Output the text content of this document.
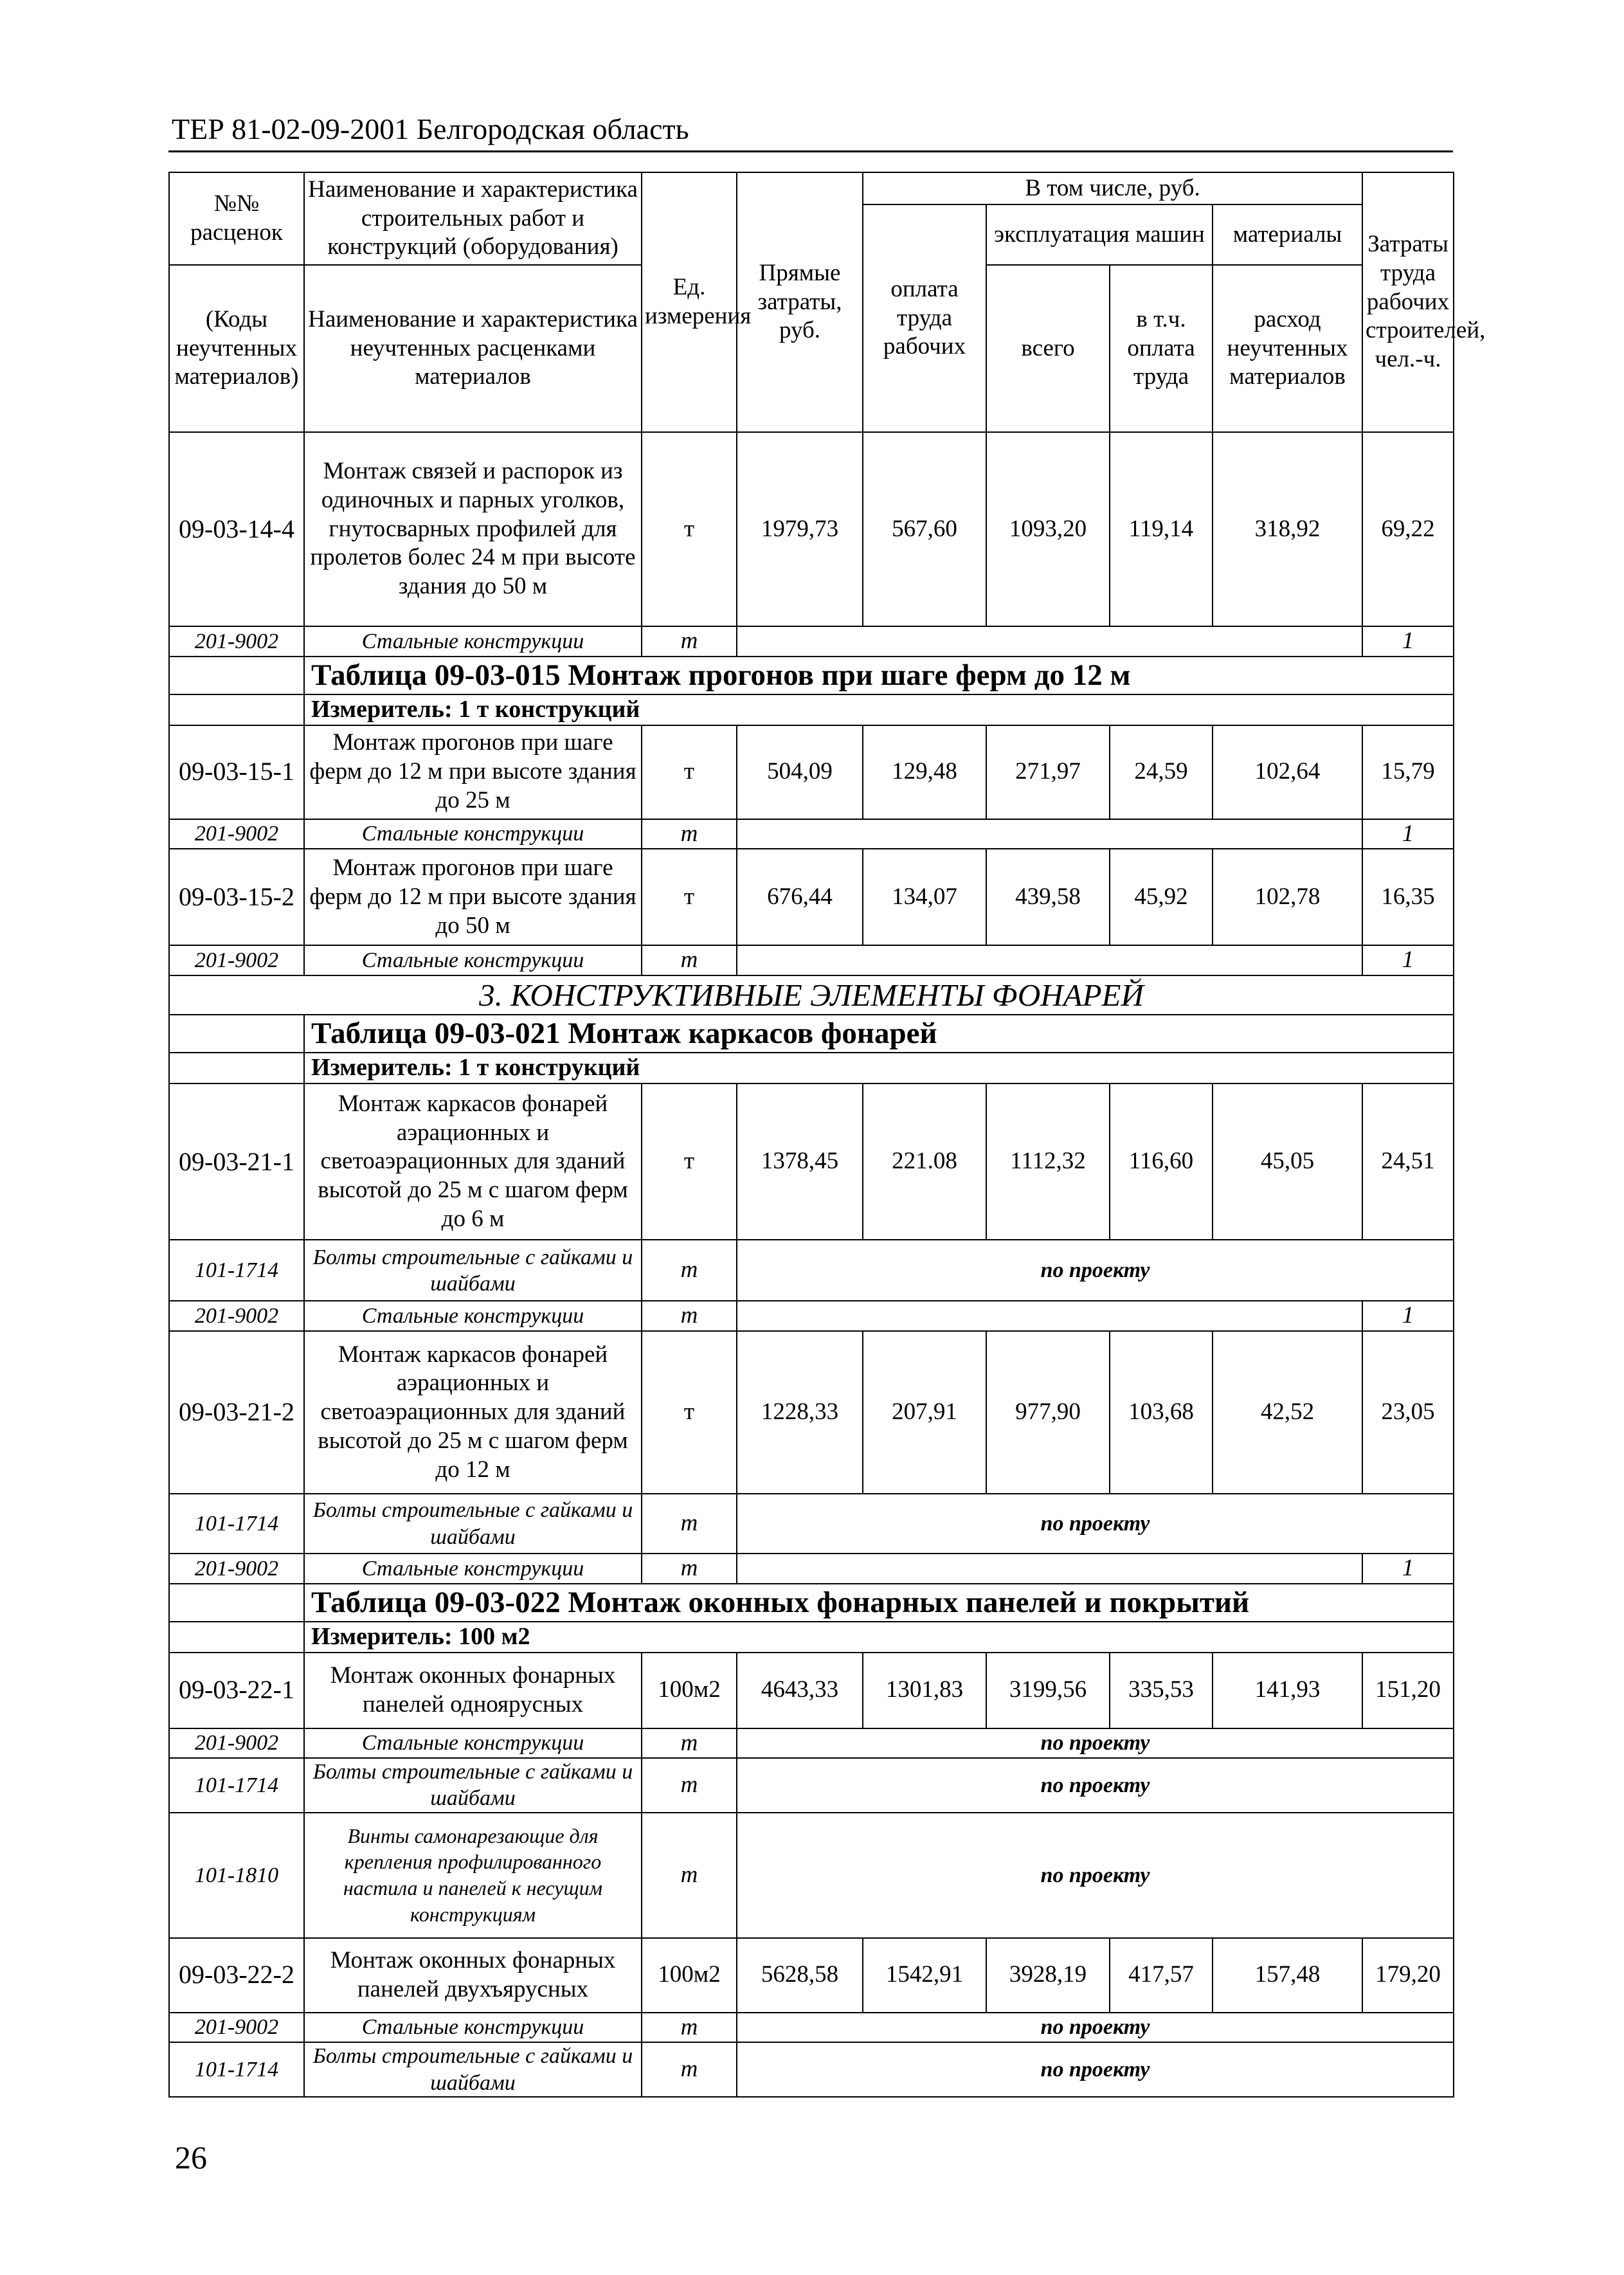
ТЕР 81-02-09-2001 Белгородская область
№№ расценок	Наименование и характеристика строительных работ и конструкций (оборудования)	Ед. измерения	Прямые затраты, руб.	В том числе, руб.				Затраты труда рабочих строителей, чел.-ч.	
				оплата труда рабочих	эксплуатация машин		материалы		

(Коды неучтенных материалов)	Наименование и характеристика неучтенных расценками материалов				всего	в т.ч. оплата труда	расход неучтенных материалов		

09-03-14-4	Монтаж связей и распорок из одиночных и парных уголков, гнутосварных профилей для пролетов болес 24 м при высоте здания до 50 м	т	1979,73	567,60	1093,20	119,14	318,92	69,22	
201-9002	Стальные конструкции	т						1	
	Таблица 09-03-015 Монтаж прогонов при шаге ферм до 12 м								
	Измеритель: 1 т конструкций								
09-03-15-1	Монтаж прогонов при шаге ферм до 12 м при высоте здания до 25 м	т	504,09	129,48	271,97	24,59	102,64	15,79	
201-9002	Стальные конструкции	т						1	
09-03-15-2	Монтаж прогонов при шаге ферм до 12 м при высоте здания до 50 м	т	676,44	134,07	439,58	45,92	102,78	16,35	
201-9002	Стальные конструкции	т						1	
3. КОНСТРУКТИВНЫЕ ЭЛЕМЕНТЫ ФОНАРЕЙ									
	Таблица 09-03-021 Монтаж каркасов фонарей								
	Измеритель: 1 т конструкций								
09-03-21-1	Монтаж каркасов фонарей аэрационных и светоаэрационных для зданий высотой до 25 м с шагом ферм до 6 м	т	1378,45	221.08	1112,32	116,60	45,05	24,51	
101-1714	Болты строительные с гайками и шайбами	т	по проекту						
201-9002	Стальные конструкции	т						1	
09-03-21-2	Монтаж каркасов фонарей аэрационных и светоаэрационных для зданий высотой до 25 м с шагом ферм до 12 м	т	1228,33	207,91	977,90	103,68	42,52	23,05	
101-1714	Болты строительные с гайками и шайбами	т	по проекту						
201-9002	Стальные конструкции	т						1	
	Таблица 09-03-022 Монтаж оконных фонарных панелей и покрытий								
	Измеритель: 100 м2								
09-03-22-1	Монтаж оконных фонарных панелей одноярусных	100м2	4643,33	1301,83	3199,56	335,53	141,93	151,20	
201-9002	Стальные конструкции	т	по проекту						
101-1714	Болты строительные с гайками и шайбами	т	по проекту						
101-1810	Винты самонарезающие для крепления профилированного настила и панелей к несущим конструкциям	т	по проекту						
09-03-22-2	Монтаж оконных фонарных панелей двухъярусных	100м2	5628,58	1542,91	3928,19	417,57	157,48	179,20	
201-9002	Стальные конструкции	т	по проекту						
101-1714	Болты строительные с гайками и шайбами	т	по проекту						
26
